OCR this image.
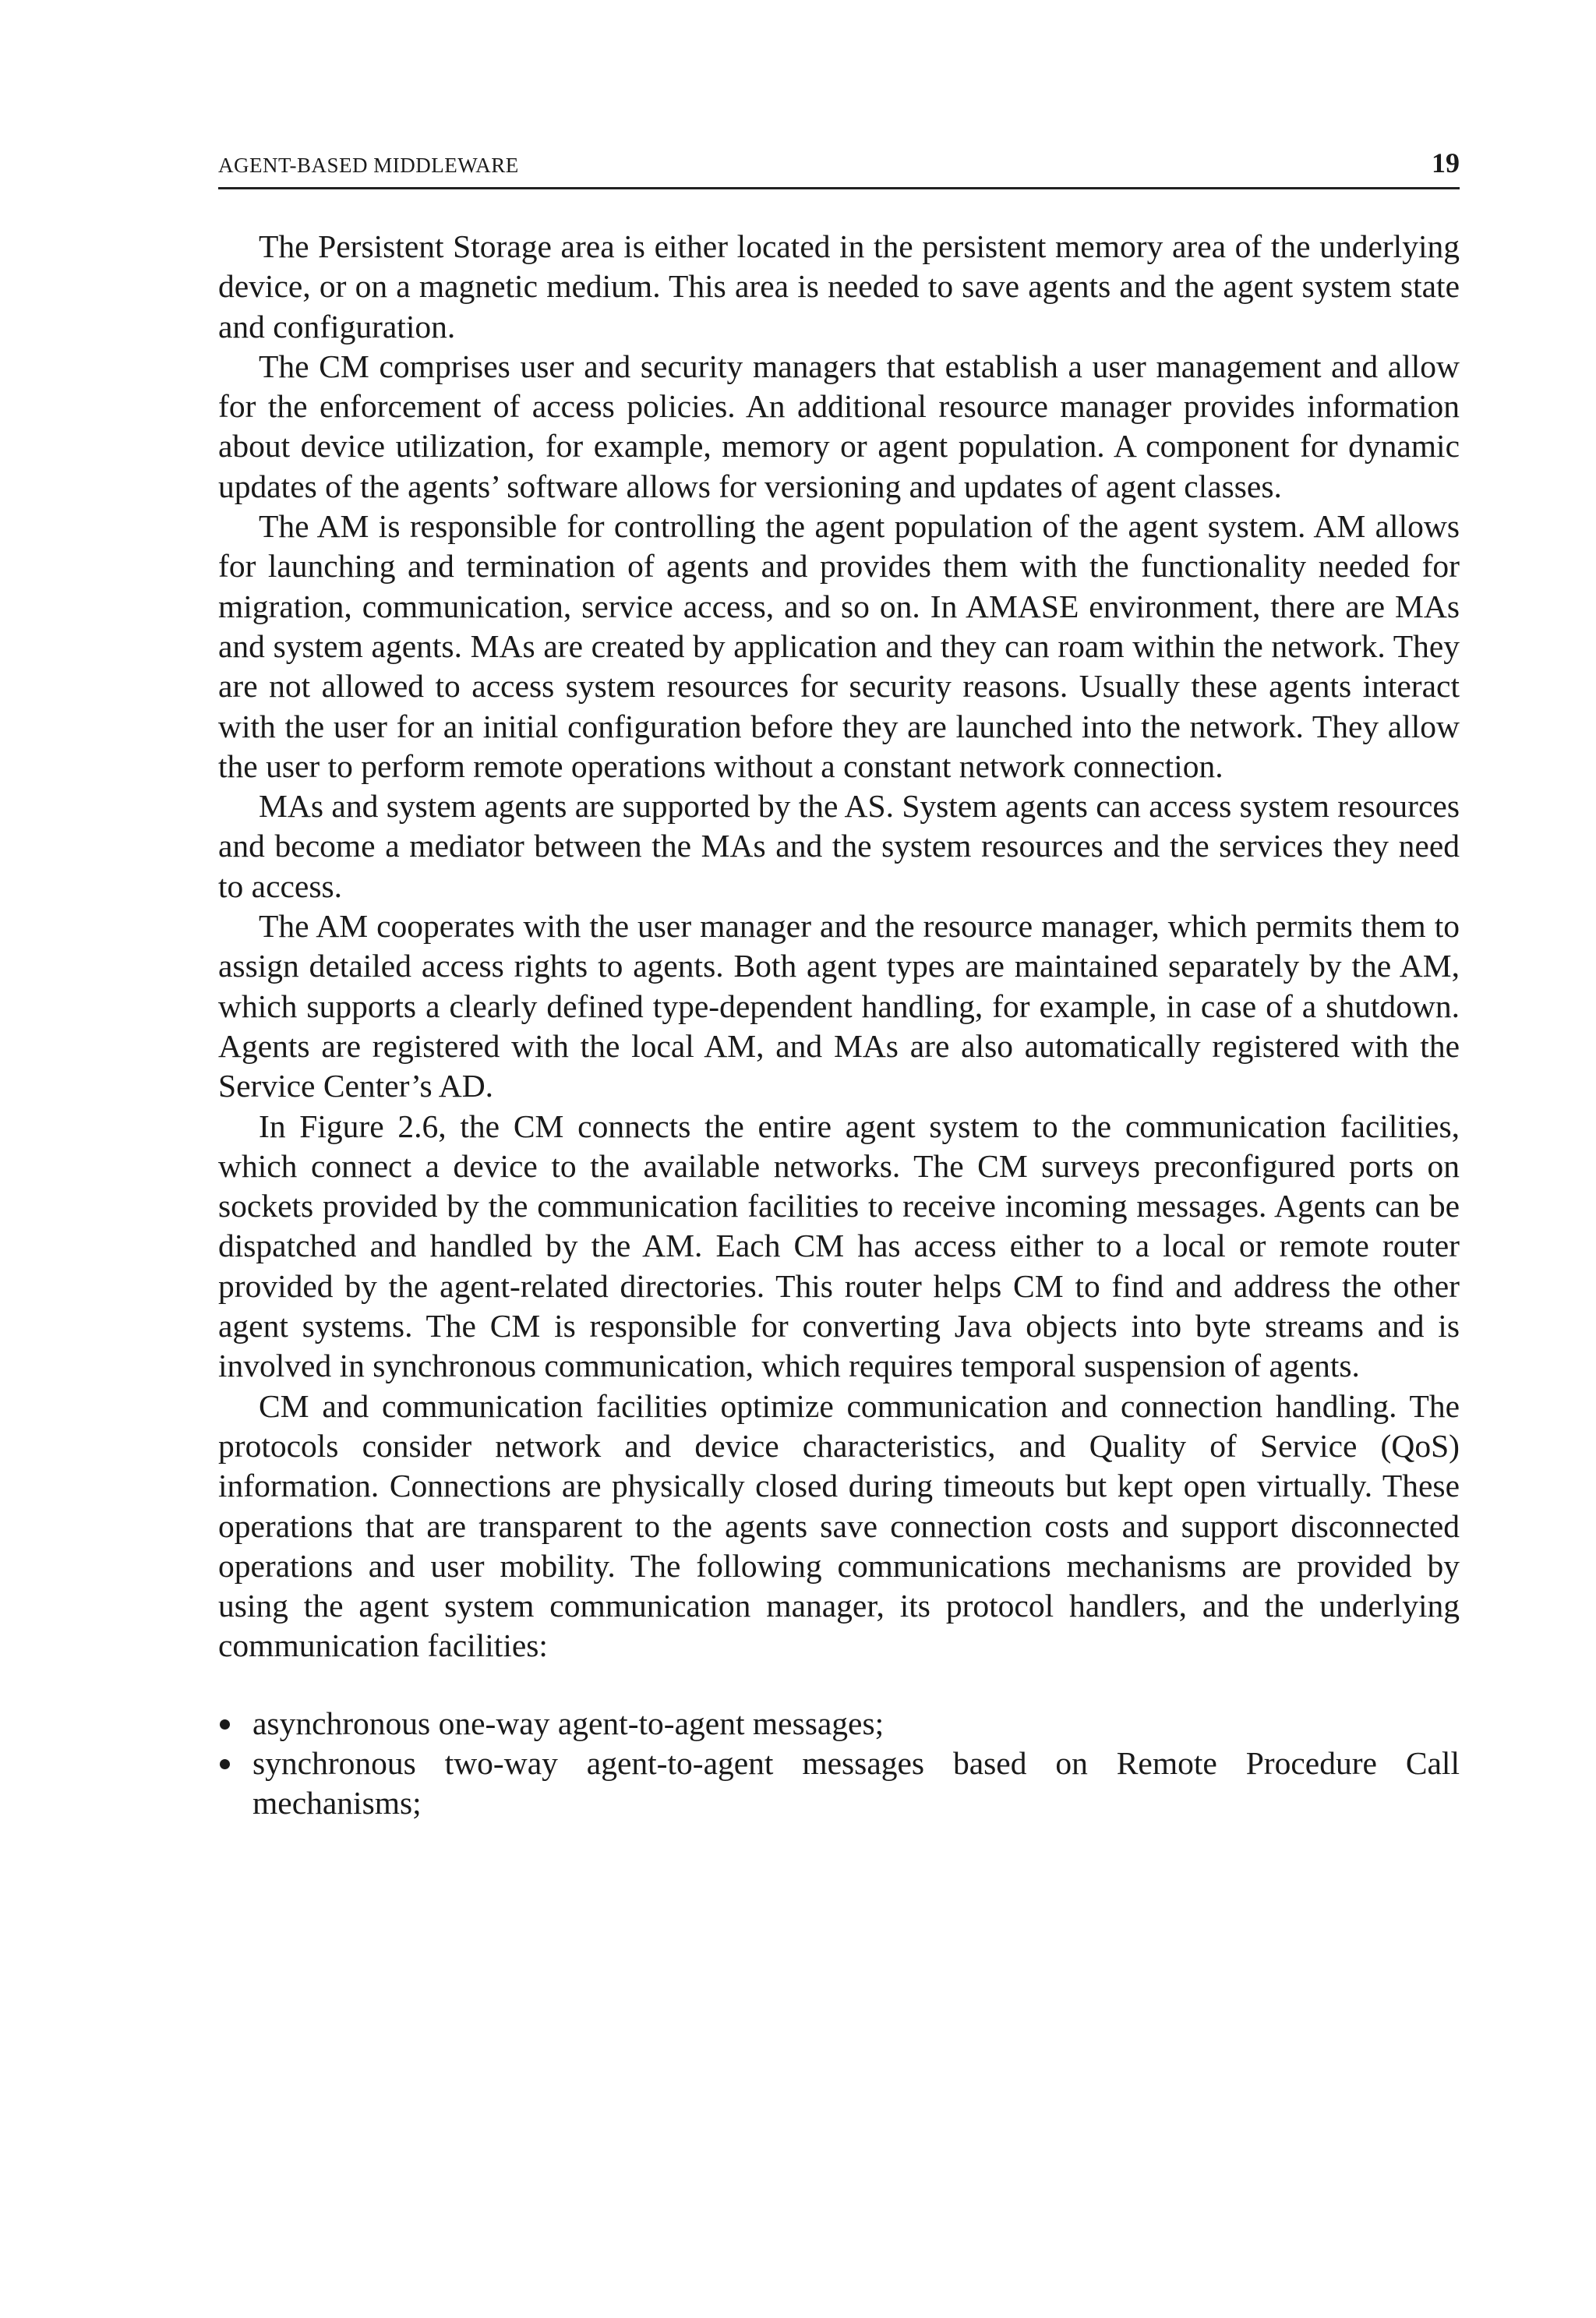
AGENT-BASED MIDDLEWARE	19

The Persistent Storage area is either located in the persistent memory area of the underlying device, or on a magnetic medium. This area is needed to save agents and the agent system state and configuration.

The CM comprises user and security managers that establish a user management and allow for the enforcement of access policies. An additional resource manager provides information about device utilization, for example, memory or agent population. A component for dynamic updates of the agents’ software allows for versioning and updates of agent classes.

The AM is responsible for controlling the agent population of the agent system. AM allows for launching and termination of agents and provides them with the functionality needed for migration, communication, service access, and so on. In AMASE environment, there are MAs and system agents. MAs are created by application and they can roam within the network. They are not allowed to access system resources for security reasons. Usually these agents interact with the user for an initial configuration before they are launched into the network. They allow the user to perform remote operations without a constant network connection.

MAs and system agents are supported by the AS. System agents can access system resources and become a mediator between the MAs and the system resources and the services they need to access.

The AM cooperates with the user manager and the resource manager, which permits them to assign detailed access rights to agents. Both agent types are maintained separately by the AM, which supports a clearly defined type-dependent handling, for example, in case of a shutdown. Agents are registered with the local AM, and MAs are also automatically registered with the Service Center’s AD.

In Figure 2.6, the CM connects the entire agent system to the communication facilities, which connect a device to the available networks. The CM surveys preconfigured ports on sockets provided by the communication facilities to receive incoming messages. Agents can be dispatched and handled by the AM. Each CM has access either to a local or remote router provided by the agent-related directories. This router helps CM to find and address the other agent systems. The CM is responsible for converting Java objects into byte streams and is involved in synchronous communication, which requires temporal suspension of agents.

CM and communication facilities optimize communication and connection handling. The protocols consider network and device characteristics, and Quality of Service (QoS) information. Connections are physically closed during timeouts but kept open virtually. These operations that are transparent to the agents save connection costs and support disconnected operations and user mobility. The following communications mechanisms are provided by using the agent system communication manager, its protocol handlers, and the underlying communication facilities:

asynchronous one-way agent-to-agent messages;
synchronous two-way agent-to-agent messages based on Remote Procedure Call mechanisms;
